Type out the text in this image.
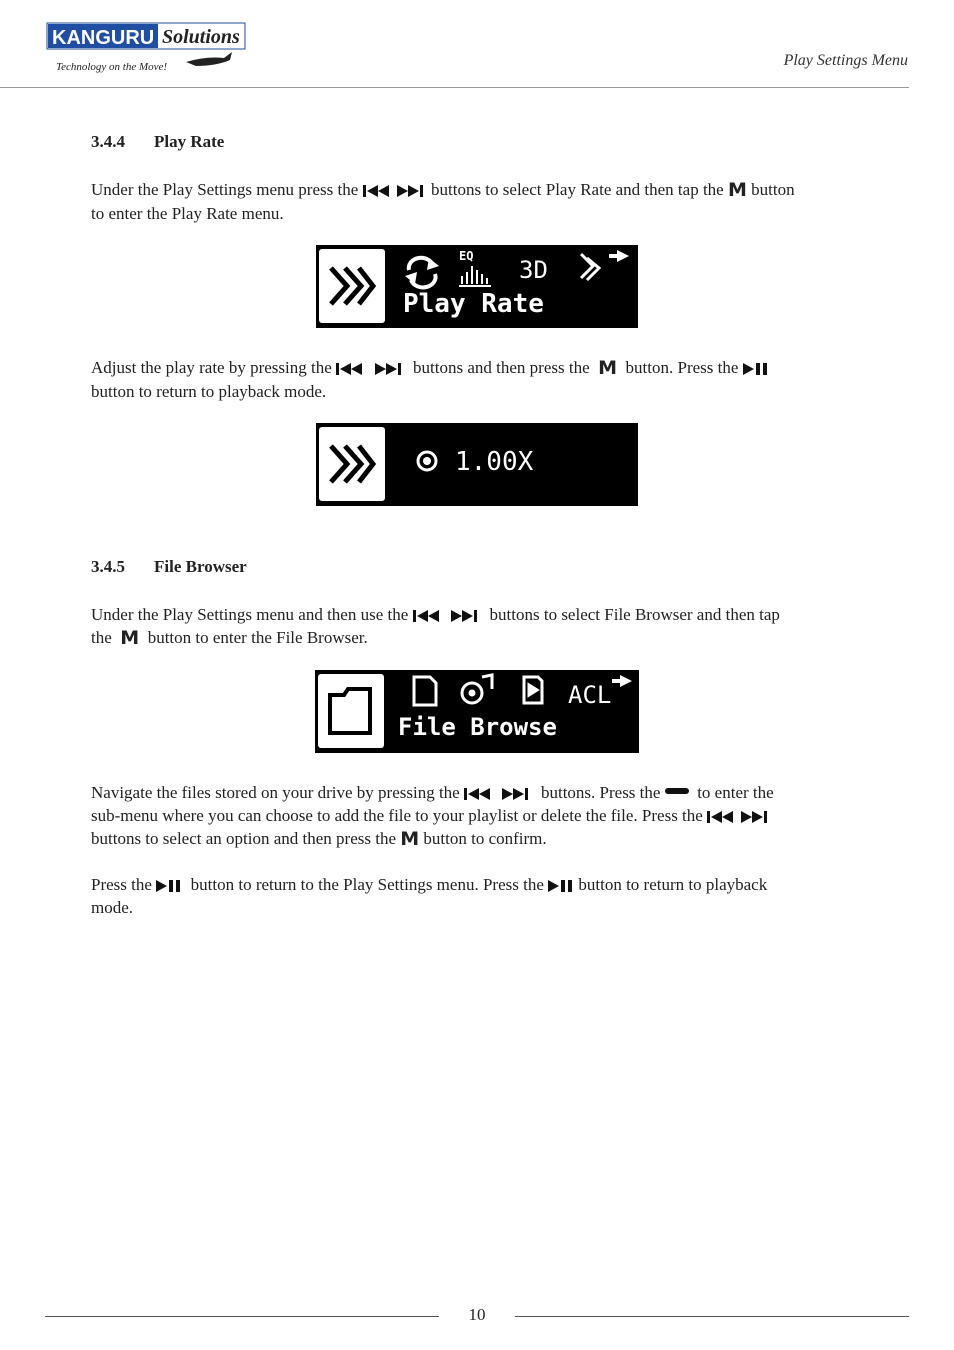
KANGURU Solutions
Technology on the Move!	Play Settings Menu
3.4.4 Play Rate
Under the Play Settings menu press the	buttons to select Play Rate and then tap the M button
to enter the Play Rate menu.
EQ 3D
Play Rate
Adjust the play rate by pressing the	buttons and then press the M button. Press the
button to return to playback mode.
1.00X
3.4.5 File Browser
Under the Play Settings menu and then use the	buttons to select File Browser and then tap
the M button to enter the File Browser.
ACL
File Browse
Navigate the files stored on your drive by pressing the	buttons. Press the to enter the
sub-menu where you can choose to add the file to your playlist or delete the file. Press the
buttons to select an option and then press the M button to confirm.
Press the button to return to the Play Settings menu. Press the button to return to playback
mode.
10
